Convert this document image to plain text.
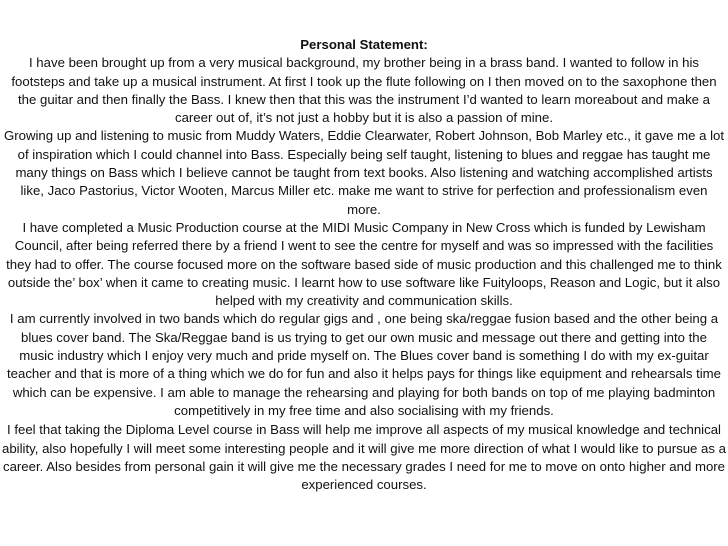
Personal Statement:

I have been brought up from a very musical background, my brother being in a brass band. I wanted to follow in his footsteps and take up a musical instrument. At first I took up the flute following on I then moved on to the saxophone then the guitar and then finally the Bass. I knew then that this was the instrument I’d wanted to learn moreabout and make a career out of, it’s not just a hobby but it is also a passion of mine.

Growing up and listening to music from Muddy Waters, Eddie Clearwater, Robert Johnson, Bob Marley etc., it gave me a lot of inspiration which I could channel into Bass. Especially being self taught, listening to blues and reggae has taught me many things on Bass which I believe cannot be taught from text books. Also listening and watching accomplished artists like, Jaco Pastorius, Victor Wooten, Marcus Miller etc. make me want to strive for perfection and professionalism even more.

I have completed a Music Production course at the MIDI Music Company in New Cross which is funded by Lewisham Council, after being referred there by a friend I went to see the centre for myself and was so impressed with the facilities they had to offer. The course focused more on the software based side of music production and this challenged me to think outside the’ box’ when it came to creating music. I learnt how to use software like Fuityloops, Reason and Logic, but it also helped with my creativity and communication skills.

I am currently involved in two bands which do regular gigs and , one being ska/reggae fusion based and the other being a blues cover band. The Ska/Reggae band is us trying to get our own music and message out there and getting into the music industry which I enjoy very much and pride myself on. The Blues cover band is something I do with my ex-guitar teacher and that is more of a thing which we do for fun and also it helps pays for things like equipment and rehearsals time which can be expensive. I am able to manage the rehearsing and playing for both bands on top of me playing badminton competitively in my free time and also socialising with my friends.

I feel that taking the Diploma Level course in Bass will help me improve all aspects of my musical knowledge and technical ability, also hopefully I will meet some interesting people and it will give me more direction of what I would like to pursue as a career. Also besides from personal gain it will give me the necessary grades I need for me to move on onto higher and more experienced courses.
